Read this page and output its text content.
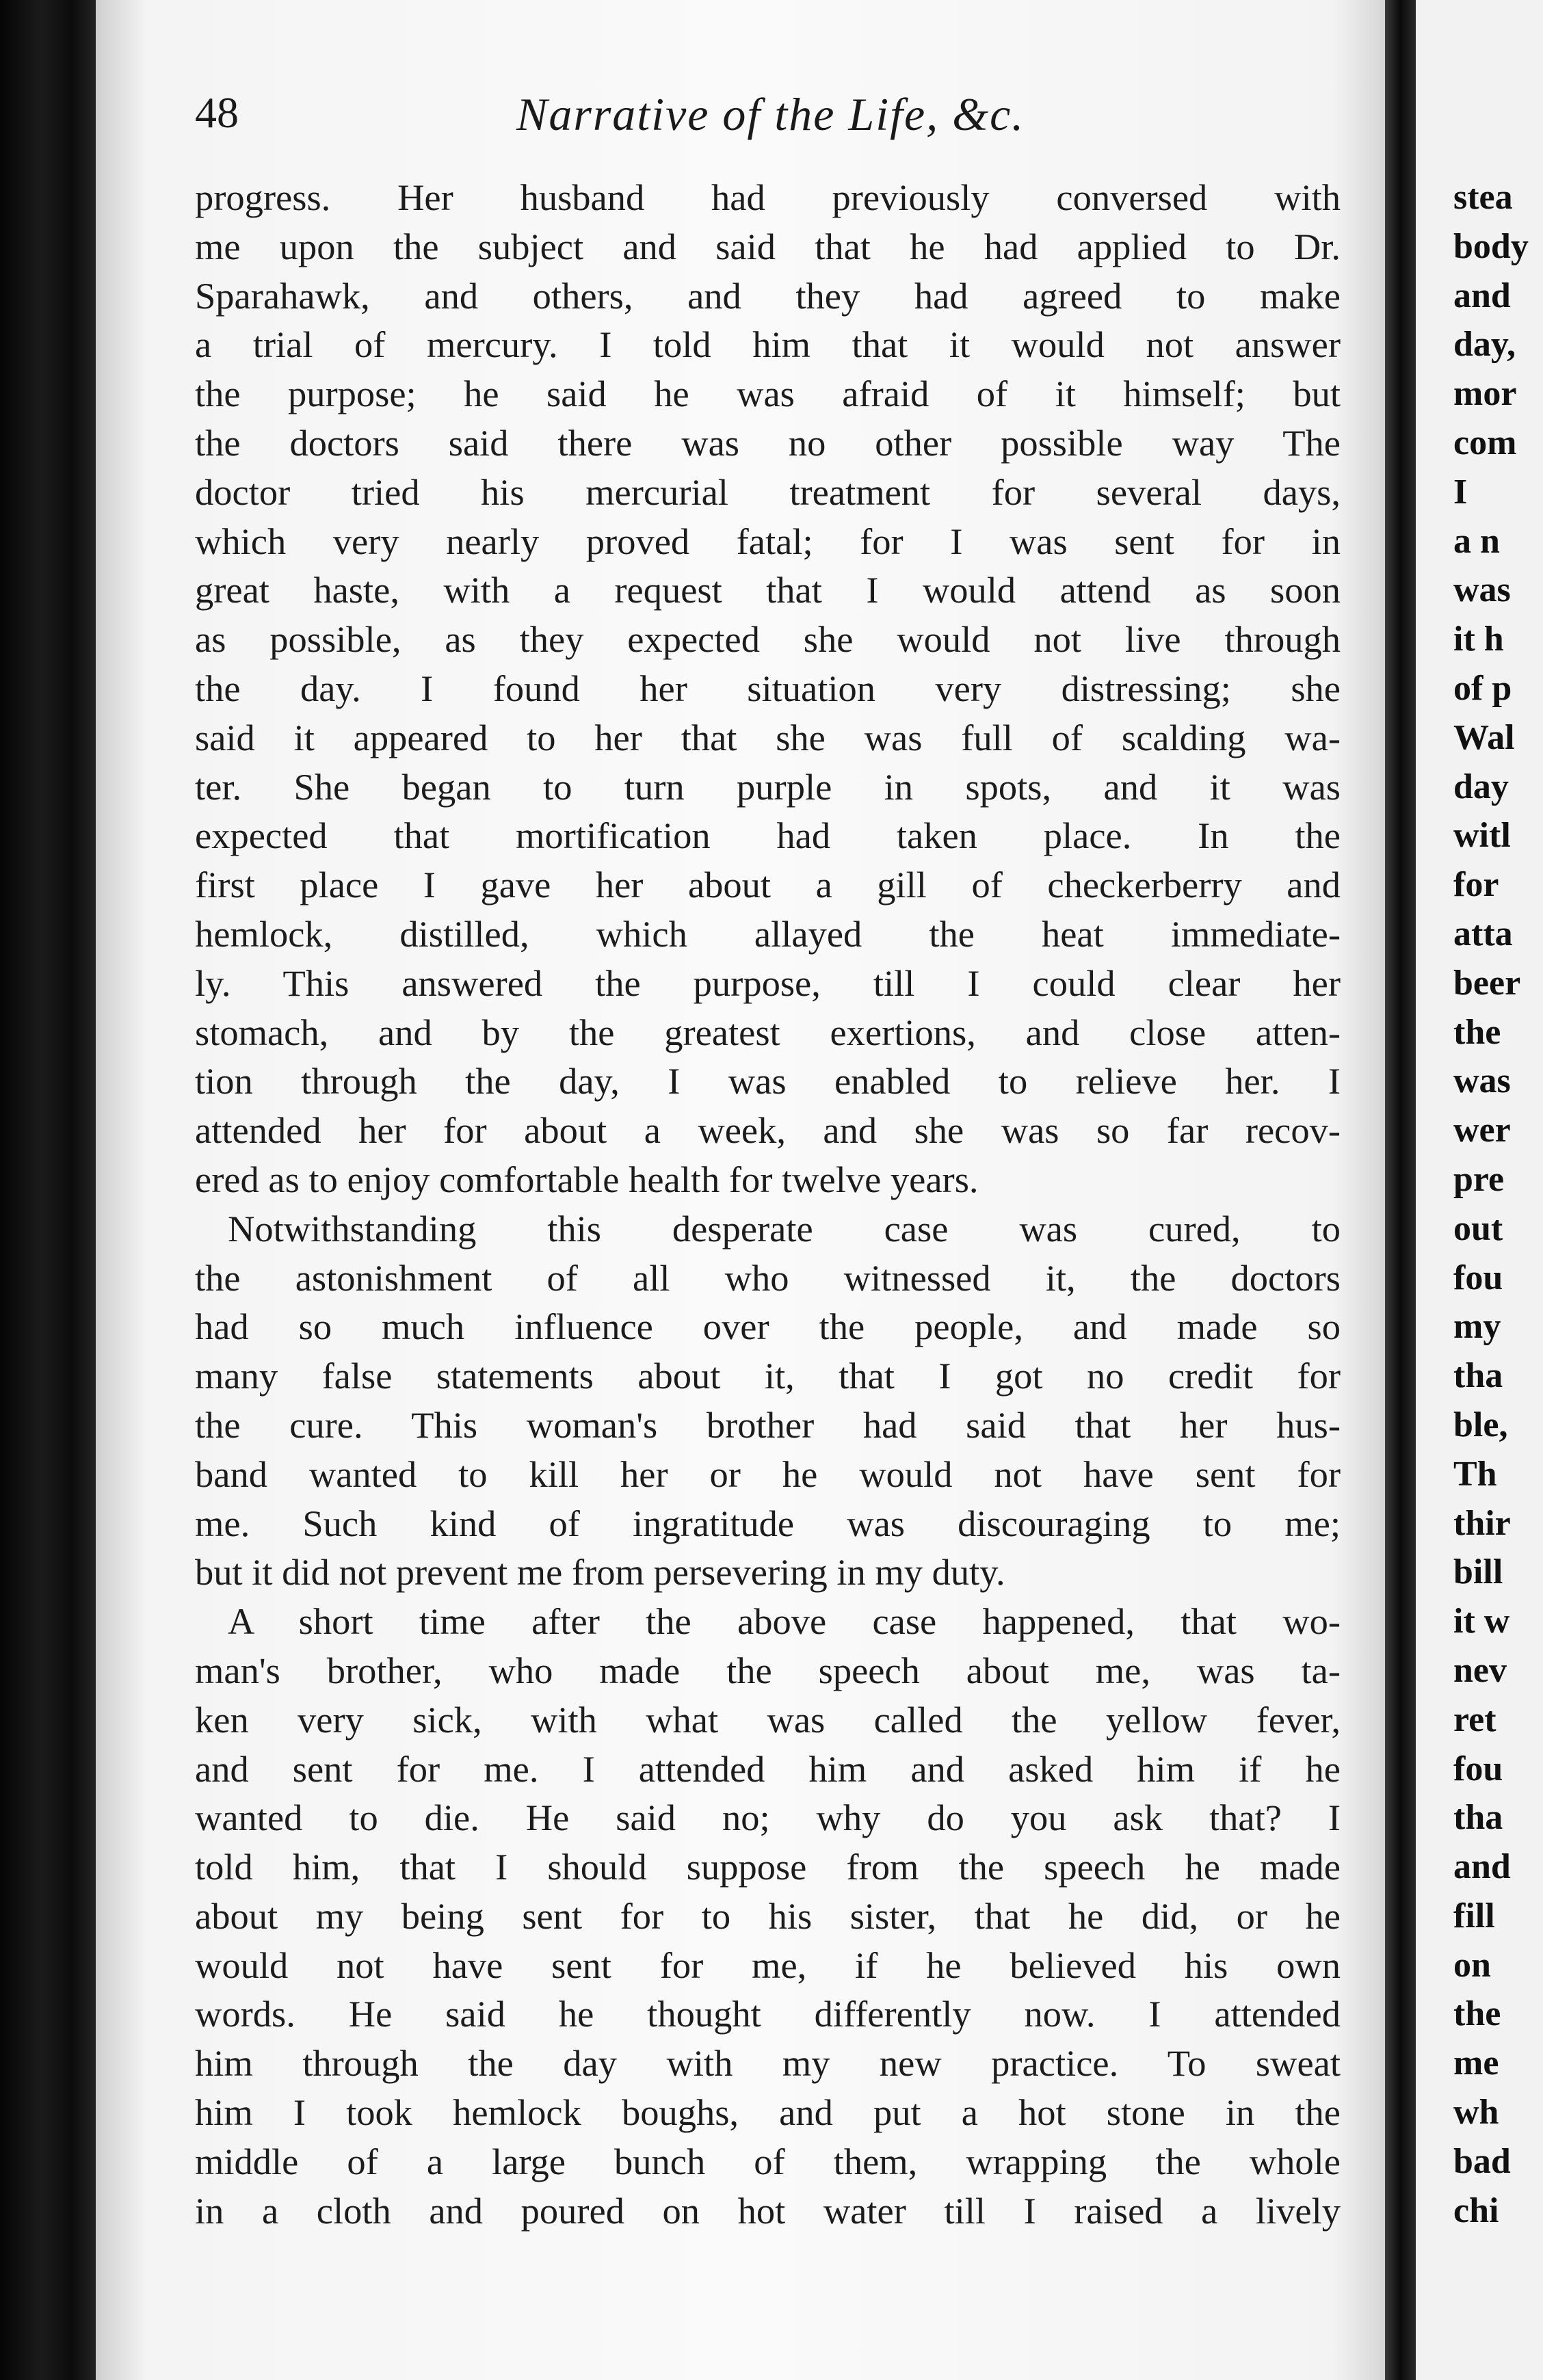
48	Narrative of the Life, &c.
progress. Her husband had previously conversed with
me upon the subject and said that he had applied to Dr.
Sparahawk, and others, and they had agreed to make
a trial of mercury. I told him that it would not answer
the purpose; he said he was afraid of it himself; but
the doctors said there was no other possible way The
doctor tried his mercurial treatment for several days,
which very nearly proved fatal; for I was sent for in
great haste, with a request that I would attend as soon
as possible, as they expected she would not live through
the day. I found her situation very distressing; she
said it appeared to her that she was full of scalding wa-
ter. She began to turn purple in spots, and it was
expected that mortification had taken place. In the
first place I gave her about a gill of checkerberry and
hemlock, distilled, which allayed the heat immediate-
ly. This answered the purpose, till I could clear her
stomach, and by the greatest exertions, and close atten-
tion through the day, I was enabled to relieve her. I
attended her for about a week, and she was so far recov-
ered as to enjoy comfortable health for twelve years.
Notwithstanding this desperate case was cured, to
the astonishment of all who witnessed it, the doctors
had so much influence over the people, and made so
many false statements about it, that I got no credit for
the cure. This woman's brother had said that her hus-
band wanted to kill her or he would not have sent for
me. Such kind of ingratitude was discouraging to me;
but it did not prevent me from persevering in my duty.
A short time after the above case happened, that wo-
man's brother, who made the speech about me, was ta-
ken very sick, with what was called the yellow fever,
and sent for me. I attended him and asked him if he
wanted to die. He said no; why do you ask that? I
told him, that I should suppose from the speech he made
about my being sent for to his sister, that he did, or he
would not have sent for me, if he believed his own
words. He said he thought differently now. I attended
him through the day with my new practice. To sweat
him I took hemlock boughs, and put a hot stone in the
middle of a large bunch of them, wrapping the whole
in a cloth and poured on hot water till I raised a lively
stea
body
and
day,
mor
com
I
a n
was
it h
of p
Wal
day
witl
for
atta
beer
the
was
wer
pre
out
fou
my
tha
ble,
Th
thir
bill
it w
nev
ret
fou
tha
and
fill
on
the
me
wh
bad
chi
